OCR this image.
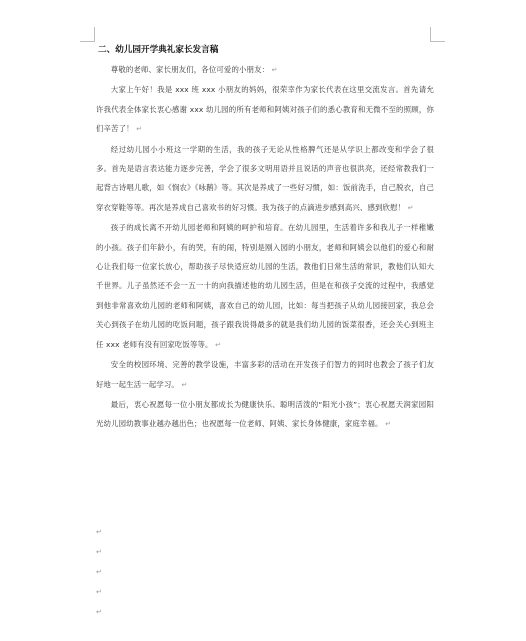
二、幼儿园开学典礼家长发言稿

尊敬的老师、家长朋友们，各位可爱的小朋友： ↵

大家上午好！我是 xxx 班 xxx 小朋友的妈妈，很荣幸作为家长代表在这里交流发言。首先请允许我代表全体家长衷心感谢 xxx 幼儿园的所有老师和阿姨对孩子们的悉心教育和无微不至的照顾，你们辛苦了！ ↵

经过幼儿园小小班这一学期的生活，我的孩子无论从性格脾气还是从学识上都改变和学会了很多。首先是语言表达能力逐步完善，学会了很多文明用语并且说话的声音也很洪亮，还经常教我们一起背古诗唱儿歌，如《悯农》《咏鹅》等。其次是养成了一些好习惯，如：饭前洗手，自己脱衣，自己穿衣穿鞋等等。再次是养成自己喜欢书的好习惯。我为孩子的点滴进步感到高兴、感到欣慰！ ↵

孩子的成长离不开幼儿园老师和阿姨的呵护和培育。在幼儿园里，生活着许多和我儿子一样稚嫩的小孩。孩子们年龄小，有的哭，有的闹，特别是刚入园的小朋友，老师和阿姨会以他们的爱心和耐心让我们每一位家长放心，帮助孩子尽快适应幼儿园的生活，教他们日常生活的常识，教他们认知大千世界。儿子虽然还不会一五一十的向我描述他的幼儿园生活，但是在和孩子交流的过程中，我感觉到他非常喜欢幼儿园的老师和阿姨，喜欢自己的幼儿园，比如：每当把孩子从幼儿园接回家，我总会关心到孩子在幼儿园的吃饭问题，孩子跟我说得最多的就是我们幼儿园的饭菜很香，还会关心到班主任 xxx 老师有没有回家吃饭等等。 ↵

安全的校园环境、完善的教学设施，丰富多彩的活动在开发孩子们智力的同时也教会了孩子们友好地一起生活一起学习。 ↵

最后，衷心祝愿每一位小朋友都成长为健康快乐、聪明活泼的“阳光小孩”；衷心祝愿天润家园阳光幼儿园幼教事业越办越出色；也祝愿每一位老师、阿姨、家长身体健康，家庭幸福。 ↵

↵
↵
↵
↵
↵
